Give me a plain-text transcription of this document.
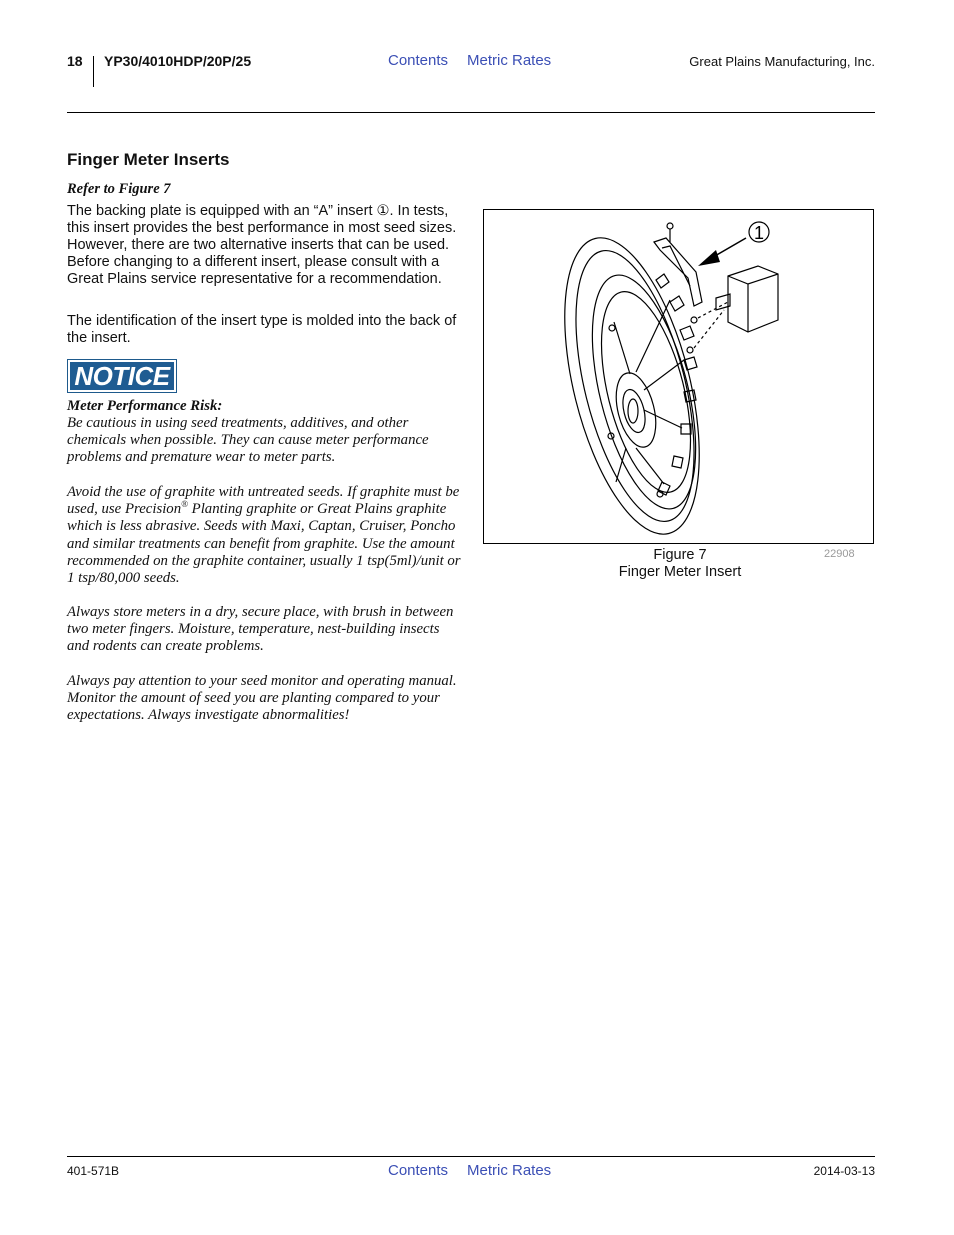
18 YP30/4010HDP/20P/25	Contents Metric Rates	Great Plains Manufacturing, Inc.
Finger Meter Inserts
Refer to Figure 7

The backing plate is equipped with an “A” insert ①. In tests, this insert provides the best performance in most seed sizes. However, there are two alternative inserts that can be used. Before changing to a different insert, please consult with a Great Plains service representative for a recommendation.

The identification of the insert type is molded into the back of the insert.

NOTICE

Meter Performance Risk:

Be cautious in using seed treatments, additives, and other chemicals when possible. They can cause meter performance problems and premature wear to meter parts.

Avoid the use of graphite with untreated seeds. If graphite must be used, use Precision® Planting graphite or Great Plains graphite which is less abrasive. Seeds with Maxi, Captan, Cruiser, Poncho and similar treatments can benefit from graphite. Use the amount recommended on the graphite container, usually 1 tsp(5ml)/unit or 1 tsp/80,000 seeds.

Always store meters in a dry, secure place, with brush in between two meter fingers. Moisture, temperature, nest-building insects and rodents can create problems.

Always pay attention to your seed monitor and operating manual. Monitor the amount of seed you are planting compared to your expectations. Always investigate abnormalities!

1
Figure 7
Finger Meter Insert
22908
401-571B	Contents Metric Rates	2014-03-13
